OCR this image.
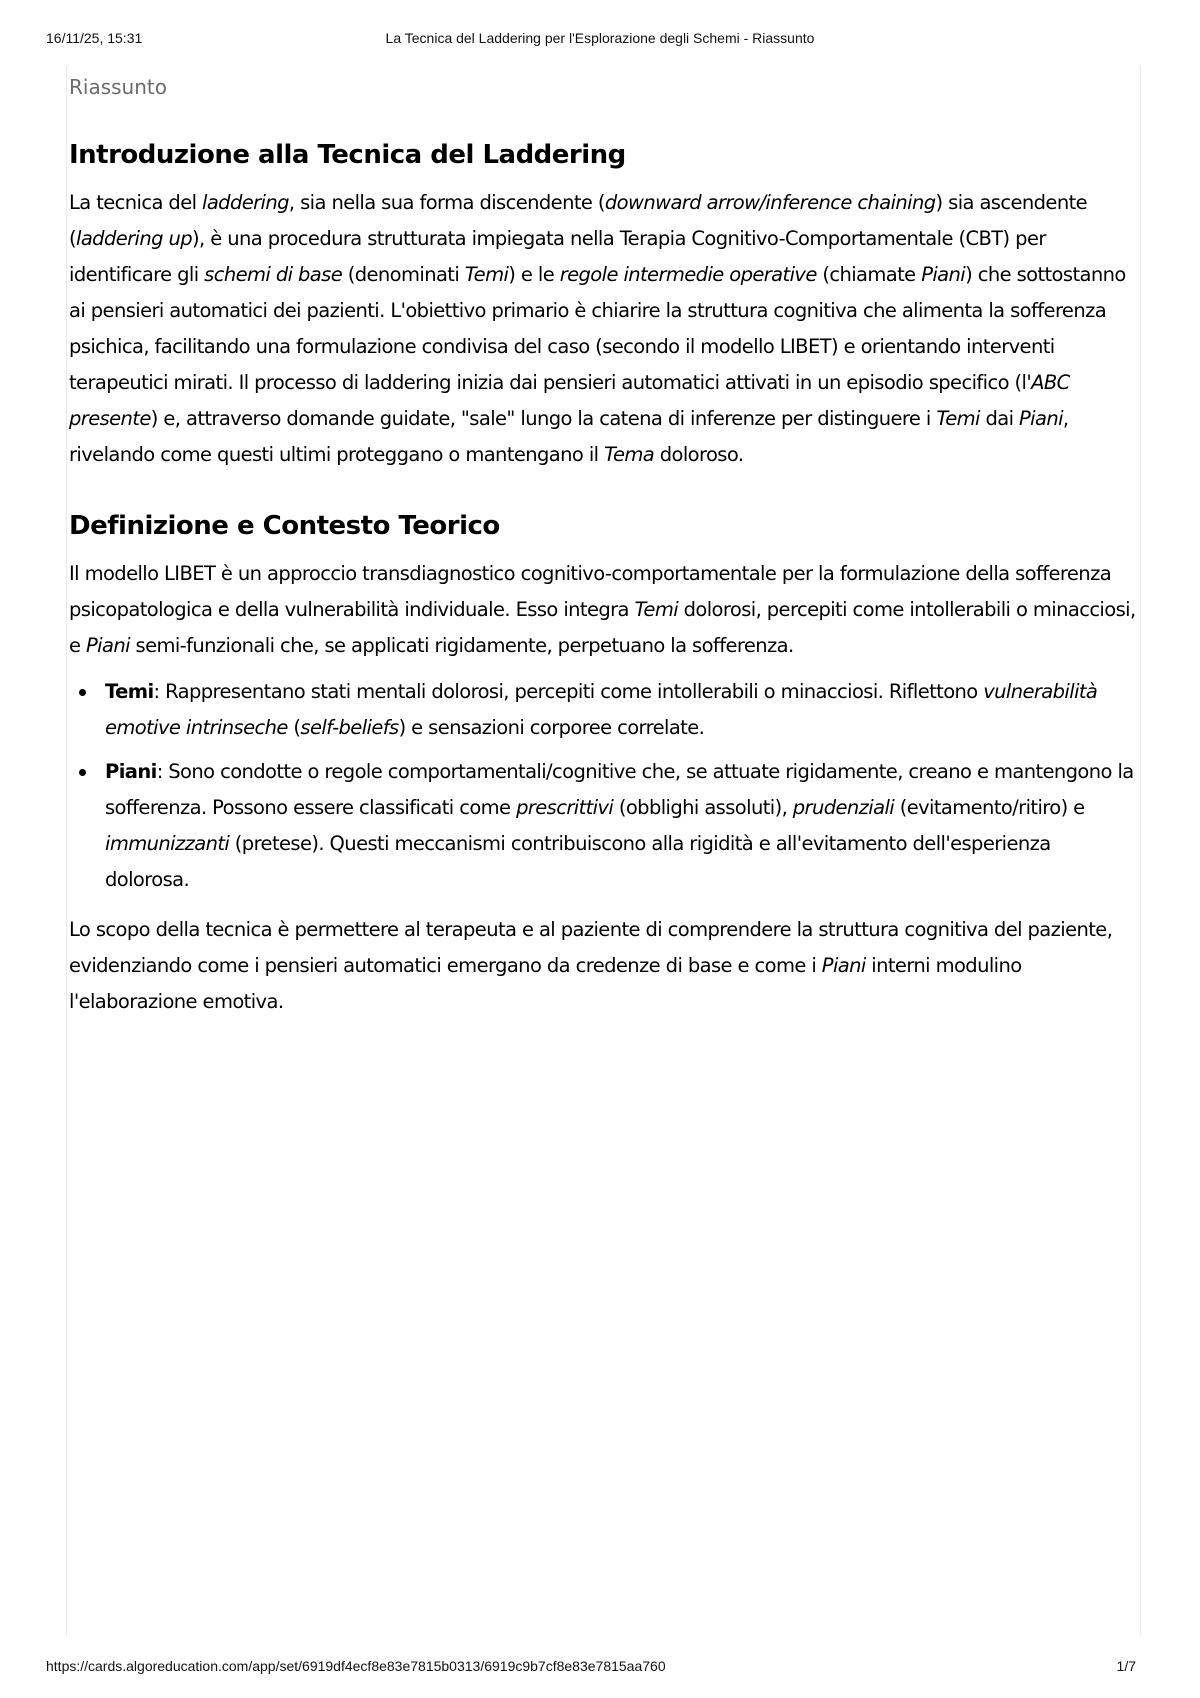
16/11/25, 15:31	La Tecnica del Laddering per l'Esplorazione degli Schemi - Riassunto
Riassunto
Introduzione alla Tecnica del Laddering

La tecnica del laddering, sia nella sua forma discendente (downward arrow/inference chaining) sia ascendente (laddering up), è una procedura strutturata impiegata nella Terapia Cognitivo-Comportamentale (CBT) per identificare gli schemi di base (denominati Temi) e le regole intermedie operative (chiamate Piani) che sottostanno ai pensieri automatici dei pazienti. L'obiettivo primario è chiarire la struttura cognitiva che alimenta la sofferenza psichica, facilitando una formulazione condivisa del caso (secondo il modello LIBET) e orientando interventi terapeutici mirati. Il processo di laddering inizia dai pensieri automatici attivati in un episodio specifico (l'ABC presente) e, attraverso domande guidate, "sale" lungo la catena di inferenze per distinguere i Temi dai Piani, rivelando come questi ultimi proteggano o mantengano il Tema doloroso.

Definizione e Contesto Teorico

Il modello LIBET è un approccio transdiagnostico cognitivo-comportamentale per la formulazione della sofferenza psicopatologica e della vulnerabilità individuale. Esso integra Temi dolorosi, percepiti come intollerabili o minacciosi, e Piani semi-funzionali che, se applicati rigidamente, perpetuano la sofferenza.

Temi: Rappresentano stati mentali dolorosi, percepiti come intollerabili o minacciosi. Riflettono vulnerabilità emotive intrinseche (self-beliefs) e sensazioni corporee correlate.
Piani: Sono condotte o regole comportamentali/cognitive che, se attuate rigidamente, creano e mantengono la sofferenza. Possono essere classificati come prescrittivi (obblighi assoluti), prudenziali (evitamento/ritiro) e immunizzanti (pretese). Questi meccanismi contribuiscono alla rigidità e all'evitamento dell'esperienza dolorosa.

Lo scopo della tecnica è permettere al terapeuta e al paziente di comprendere la struttura cognitiva del paziente, evidenziando come i pensieri automatici emergano da credenze di base e come i Piani interni modulino l'elaborazione emotiva.

https://cards.algoreducation.com/app/set/6919df4ecf8e83e7815b0313/6919c9b7cf8e83e7815aa760	1/7
